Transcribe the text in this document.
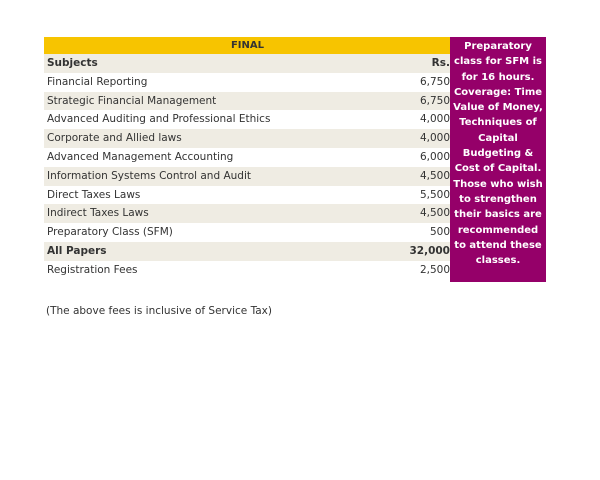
FINAL	
Subjects	Rs.
Financial Reporting	6,750
Strategic Financial Management	6,750
Advanced Auditing and Professional Ethics	4,000
Corporate and Allied laws	4,000
Advanced Management Accounting	6,000
Information Systems Control and Audit	4,500
Direct Taxes Laws	5,500
Indirect Taxes Laws	4,500
Preparatory Class (SFM)	500
All Papers	32,000
Registration Fees	2,500
Preparatory class for SFM is for 16 hours. Coverage: Time Value of Money, Techniques of Capital Budgeting & Cost of Capital. Those who wish to strengthen their basics are recommended to attend these classes.
(The above fees is inclusive of Service Tax)
